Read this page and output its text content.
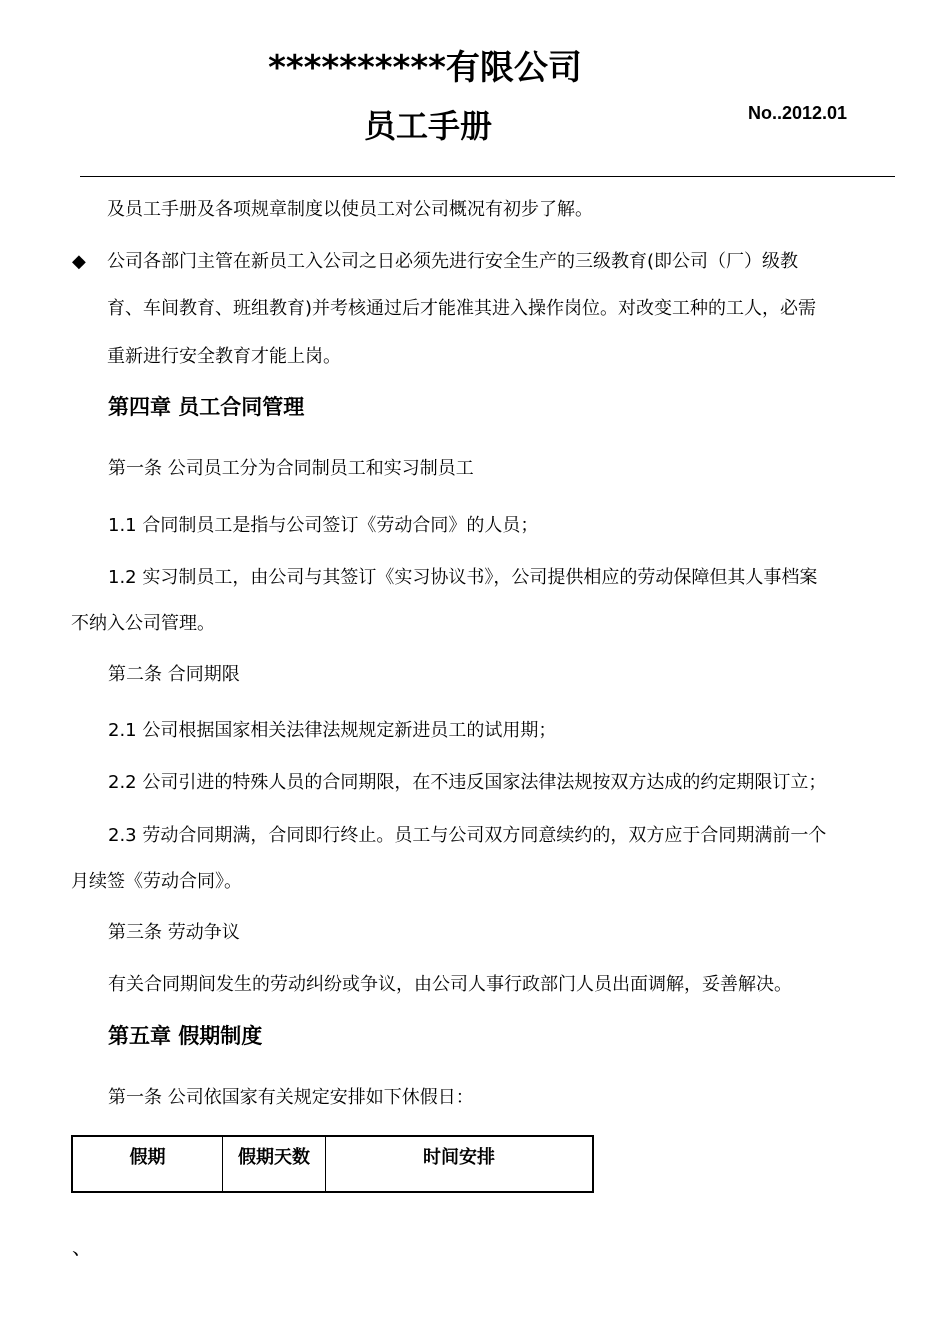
**********有限公司
员工手册	No..2012.01
及员工手册及各项规章制度以使员工对公司概况有初步了解。
◆ 公司各部门主管在新员工入公司之日必须先进行安全生产的三级教育(即公司（厂）级教
育、车间教育、班组教育)并考核通过后才能准其进入操作岗位。对改变工种的工人，必需
重新进行安全教育才能上岗。
第四章 员工合同管理
第一条 公司员工分为合同制员工和实习制员工
1.1 合同制员工是指与公司签订《劳动合同》的人员；
1.2 实习制员工，由公司与其签订《实习协议书》，公司提供相应的劳动保障但其人事档案
不纳入公司管理。
第二条 合同期限
2.1 公司根据国家相关法律法规规定新进员工的试用期；
2.2 公司引进的特殊人员的合同期限，在不违反国家法律法规按双方达成的约定期限订立；
2.3 劳动合同期满，合同即行终止。员工与公司双方同意续约的，双方应于合同期满前一个
月续签《劳动合同》。
第三条 劳动争议
有关合同期间发生的劳动纠纷或争议，由公司人事行政部门人员出面调解，妥善解决。
第五章 假期制度
第一条 公司依国家有关规定安排如下休假日：
假期	假期天数	时间安排
、
